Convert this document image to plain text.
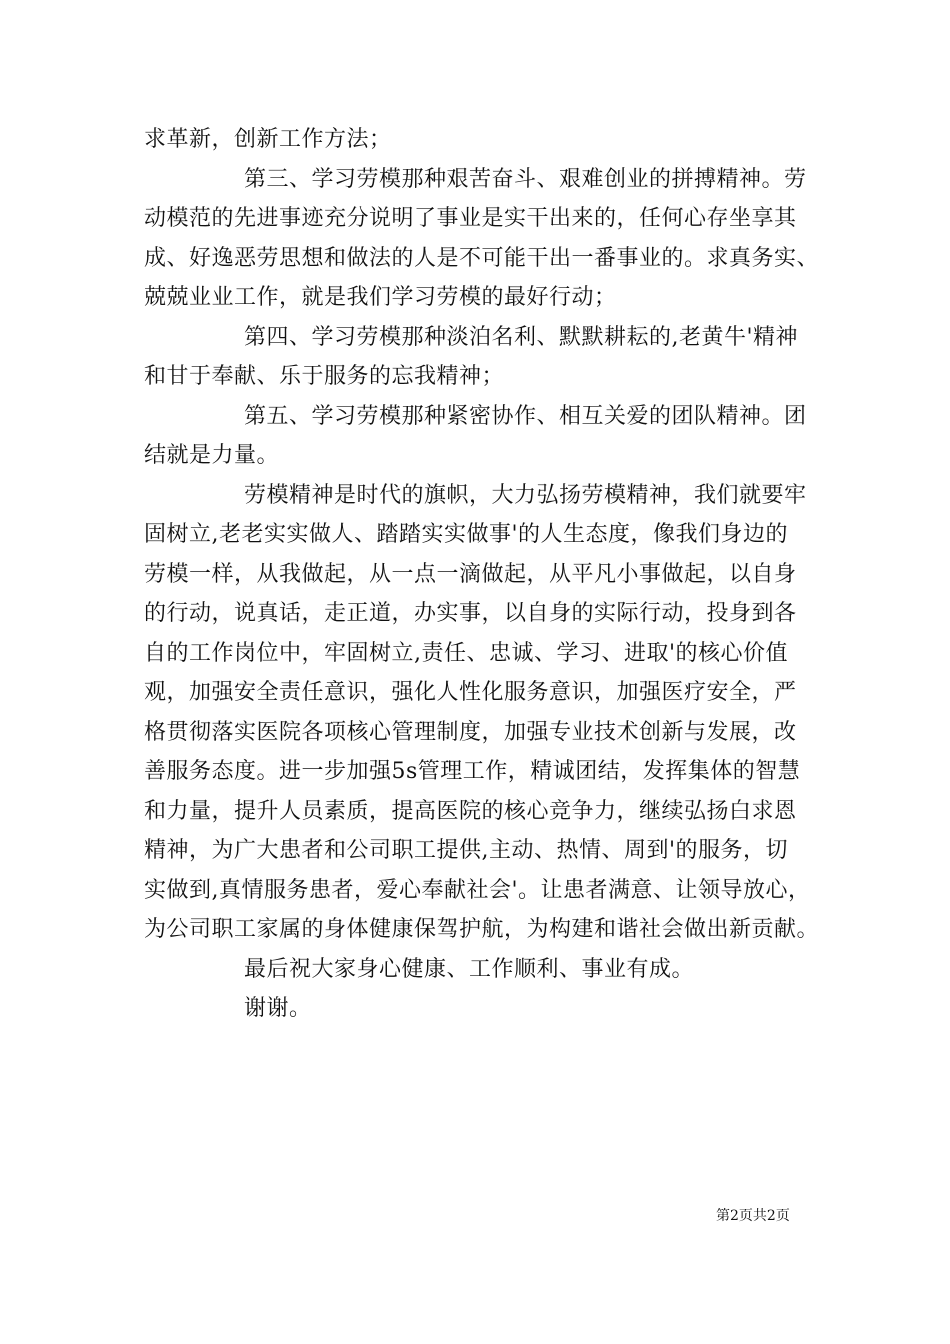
求革新，创新工作方法；
第三、学习劳模那种艰苦奋斗、艰难创业的拼搏精神。劳
动模范的先进事迹充分说明了事业是实干出来的，任何心存坐享其
成、好逸恶劳思想和做法的人是不可能干出一番事业的。求真务实、
兢兢业业工作，就是我们学习劳模的最好行动；
第四、学习劳模那种淡泊名利、默默耕耘的,老黄牛'精神
和甘于奉献、乐于服务的忘我精神；
第五、学习劳模那种紧密协作、相互关爱的团队精神。团
结就是力量。
劳模精神是时代的旗帜，大力弘扬劳模精神，我们就要牢
固树立,老老实实做人、踏踏实实做事'的人生态度，像我们身边的
劳模一样，从我做起，从一点一滴做起，从平凡小事做起，以自身
的行动，说真话，走正道，办实事，以自身的实际行动，投身到各
自的工作岗位中，牢固树立,责任、忠诚、学习、进取'的核心价值
观，加强安全责任意识，强化人性化服务意识，加强医疗安全，严
格贯彻落实医院各项核心管理制度，加强专业技术创新与发展，改
善服务态度。进一步加强5s管理工作，精诚团结，发挥集体的智慧
和力量，提升人员素质，提高医院的核心竞争力，继续弘扬白求恩
精神，为广大患者和公司职工提供,主动、热情、周到'的服务，切
实做到,真情服务患者，爱心奉献社会'。让患者满意、让领导放心，
为公司职工家属的身体健康保驾护航，为构建和谐社会做出新贡献。
最后祝大家身心健康、工作顺利、事业有成。
谢谢。
第2页共2页
